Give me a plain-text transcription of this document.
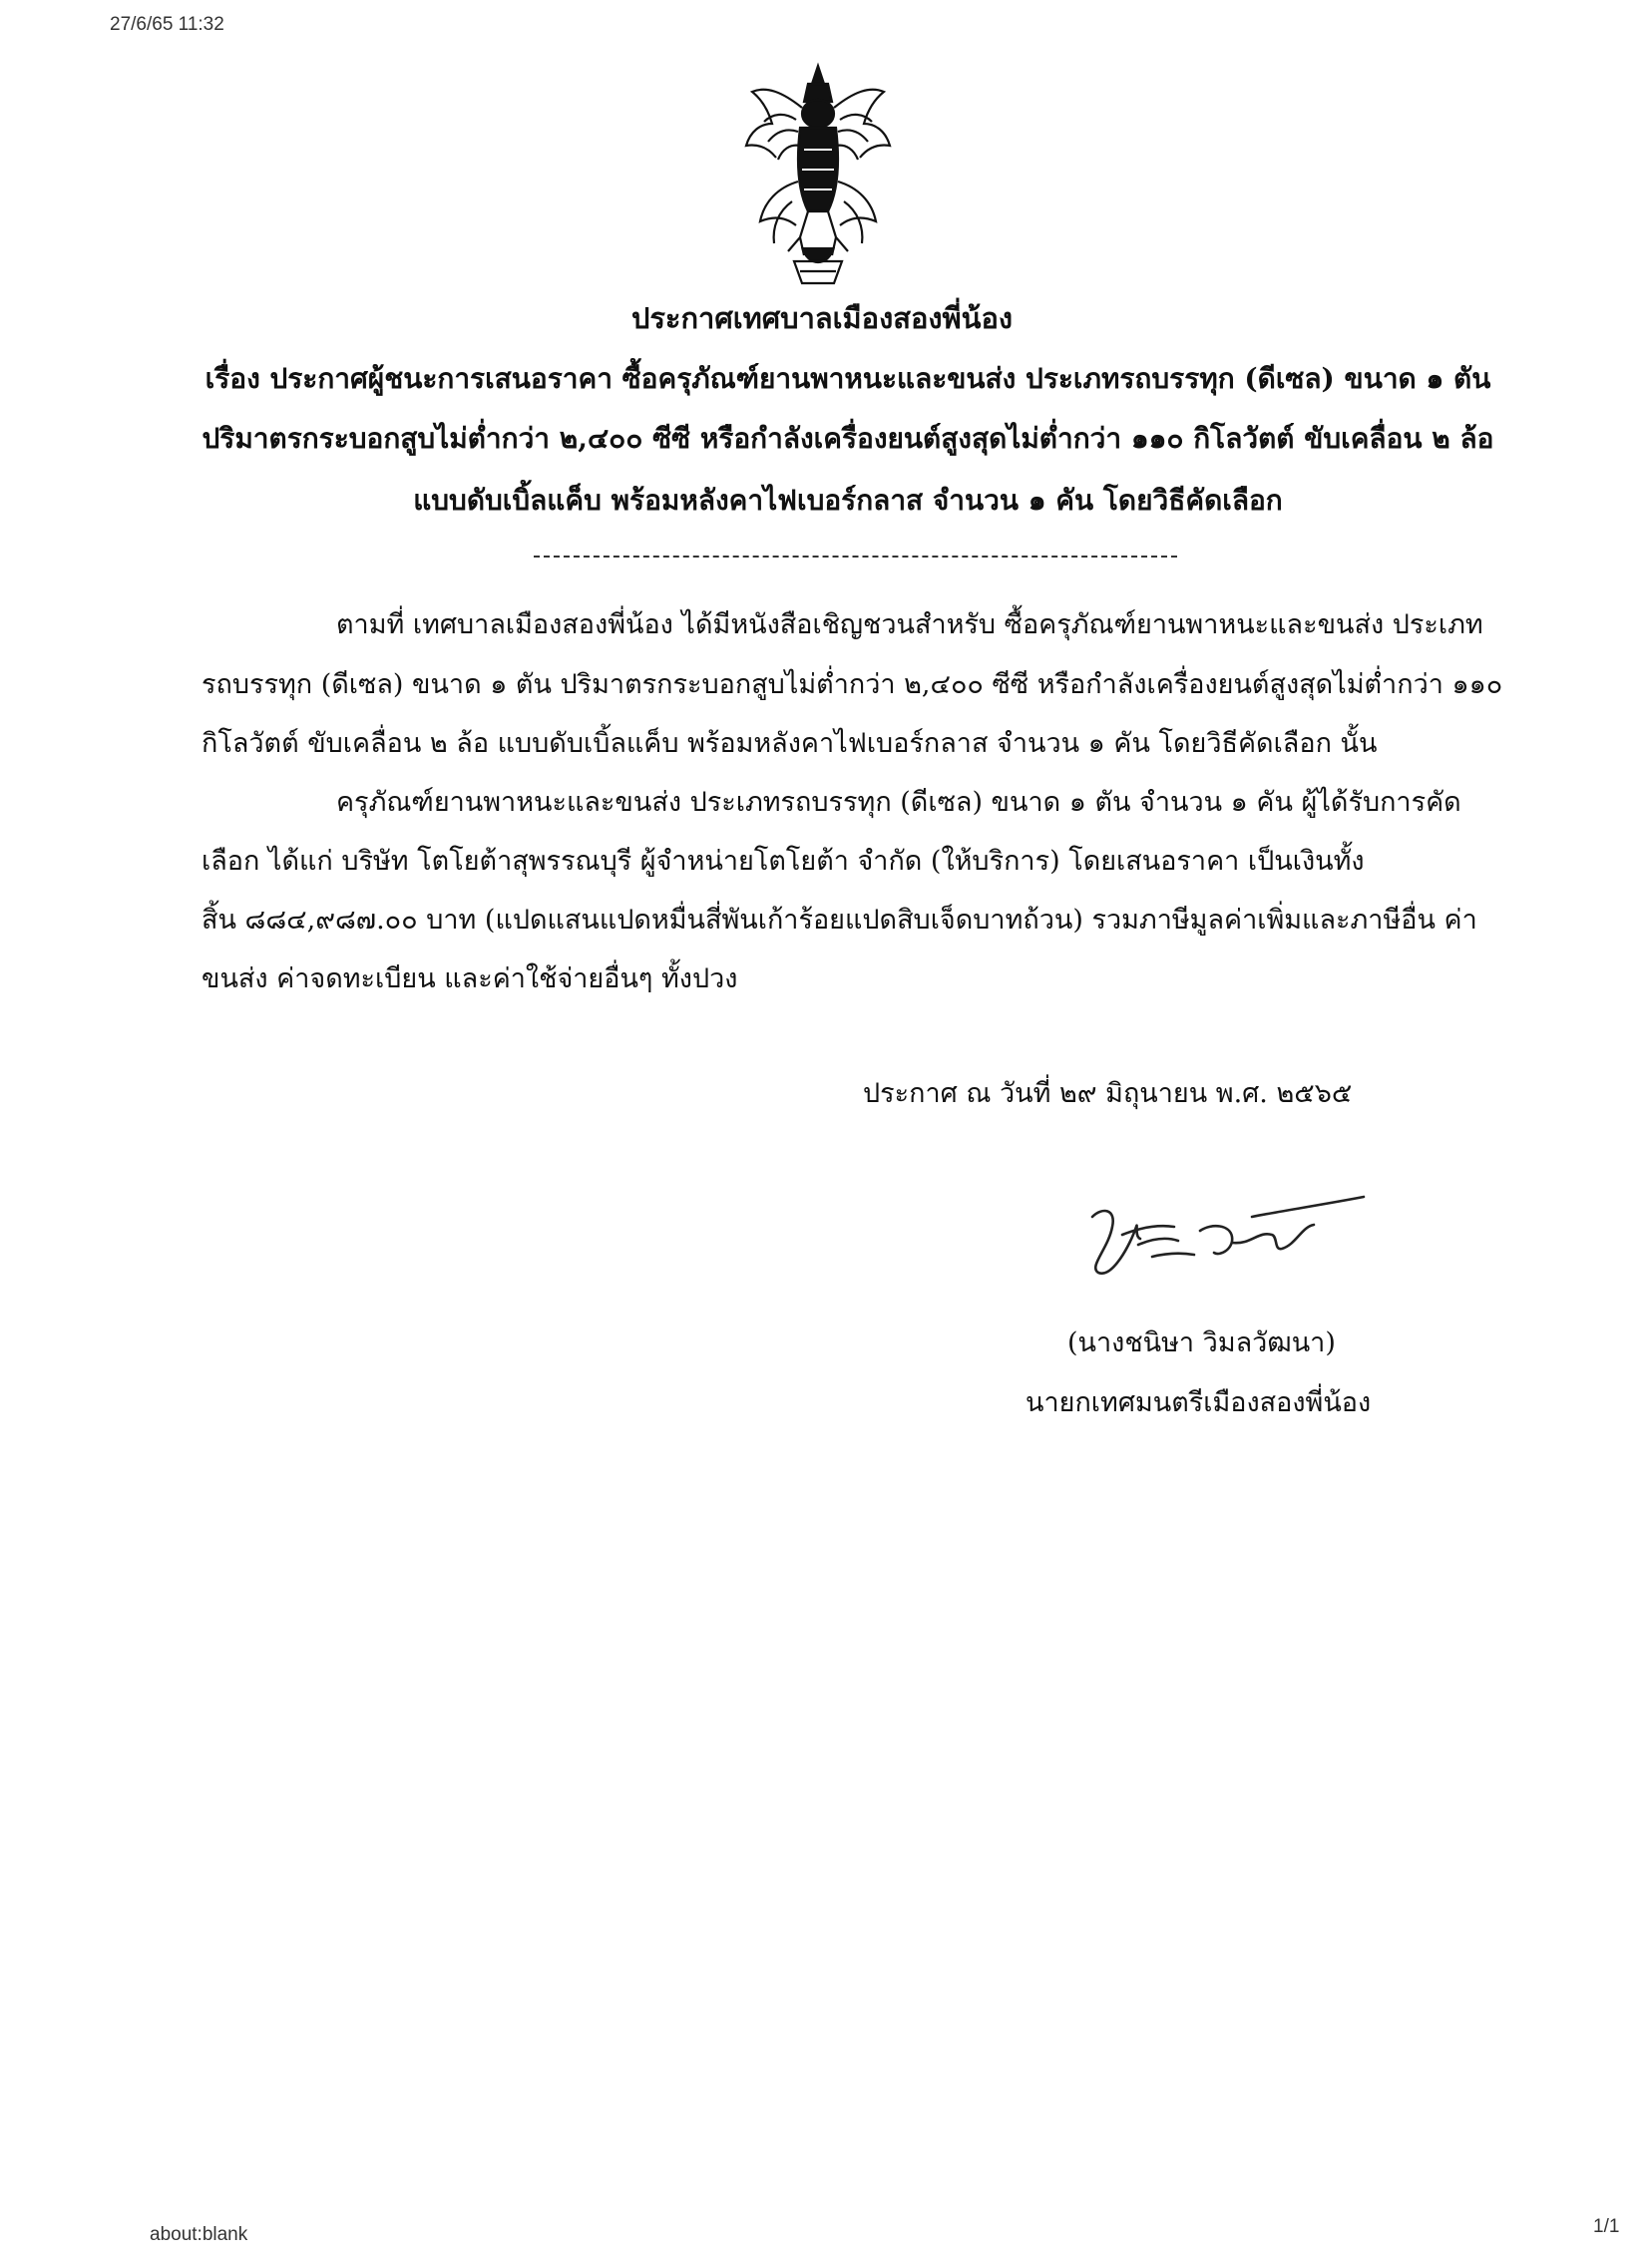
27/6/65 11:32
ประกาศเทศบาลเมืองสองพี่น้อง
เรื่อง ประกาศผู้ชนะการเสนอราคา ซื้อครุภัณฑ์ยานพาหนะและขนส่ง ประเภทรถบรรทุก (ดีเซล) ขนาด ๑ ตัน
ปริมาตรกระบอกสูบไม่ต่ำกว่า ๒,๔๐๐ ซีซี หรือกำลังเครื่องยนต์สูงสุดไม่ต่ำกว่า ๑๑๐ กิโลวัตต์ ขับเคลื่อน ๒ ล้อ
แบบดับเบิ้ลแค็บ พร้อมหลังคาไฟเบอร์กลาส จำนวน ๑ คัน โดยวิธีคัดเลือก
ตามที่ เทศบาลเมืองสองพี่น้อง ได้มีหนังสือเชิญชวนสำหรับ ซื้อครุภัณฑ์ยานพาหนะและขนส่ง ประเภท
รถบรรทุก (ดีเซล) ขนาด ๑ ตัน ปริมาตรกระบอกสูบไม่ต่ำกว่า ๒,๔๐๐ ซีซี หรือกำลังเครื่องยนต์สูงสุดไม่ต่ำกว่า ๑๑๐
กิโลวัตต์ ขับเคลื่อน ๒ ล้อ แบบดับเบิ้ลแค็บ พร้อมหลังคาไฟเบอร์กลาส จำนวน ๑ คัน โดยวิธีคัดเลือก นั้น
ครุภัณฑ์ยานพาหนะและขนส่ง ประเภทรถบรรทุก (ดีเซล) ขนาด ๑ ตัน จำนวน ๑ คัน ผู้ได้รับการคัด
เลือก ได้แก่ บริษัท โตโยต้าสุพรรณบุรี ผู้จำหน่ายโตโยต้า จำกัด (ให้บริการ) โดยเสนอราคา เป็นเงินทั้ง
สิ้น ๘๘๔,๙๘๗.๐๐ บาท (แปดแสนแปดหมื่นสี่พันเก้าร้อยแปดสิบเจ็ดบาทถ้วน) รวมภาษีมูลค่าเพิ่มและภาษีอื่น ค่า
ขนส่ง ค่าจดทะเบียน และค่าใช้จ่ายอื่นๆ ทั้งปวง
ประกาศ ณ วันที่ ๒๙ มิถุนายน พ.ศ. ๒๕๖๕
(นางชนิษา วิมลวัฒนา)
นายกเทศมนตรีเมืองสองพี่น้อง
about:blank	1/1
